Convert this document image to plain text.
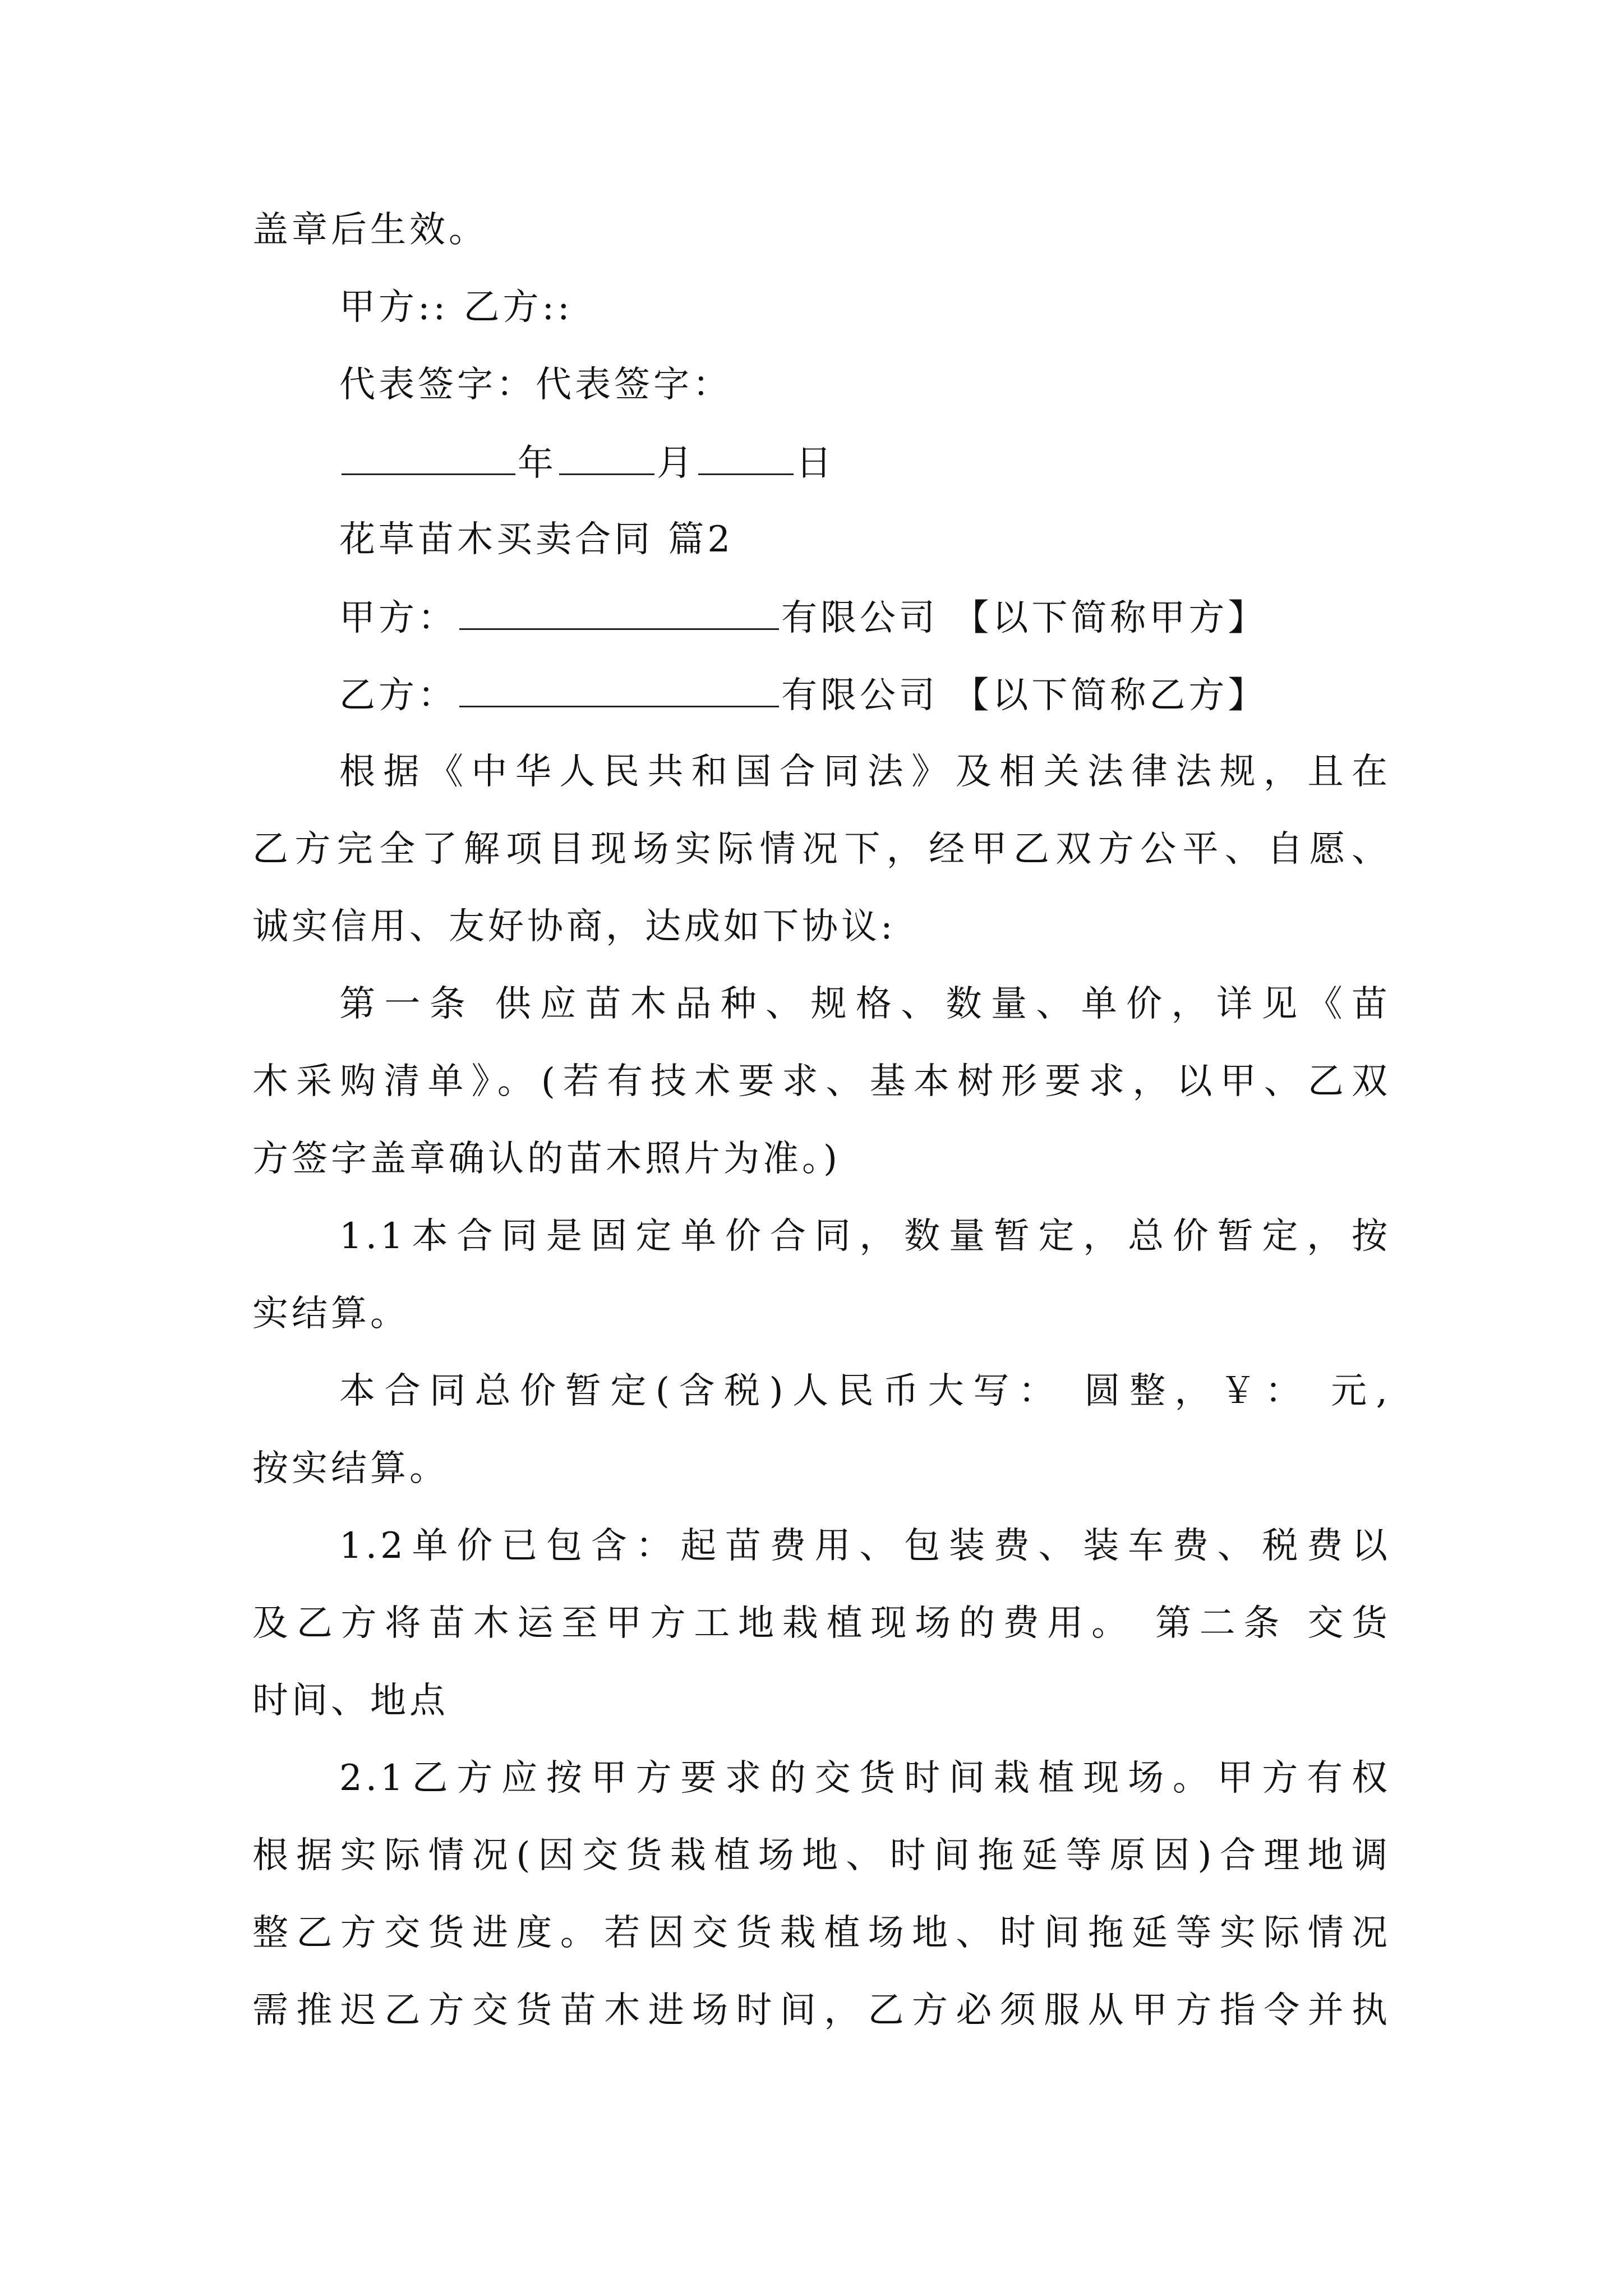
盖章后生效。
甲方:: 乙方::
代表签字：代表签字：
年	月	日
花草苗木买卖合同 篇2
甲方：	有限公司 【以下简称甲方】
乙方：	有限公司 【以下简称乙方】
根据《中华人民共和国合同法》及相关法律法规，且在
乙方完全了解项目现场实际情况下，经甲乙双方公平、自愿、
诚实信用、友好协商，达成如下协议:
第一条 供应苗木品种、规格、数量、单价，详见《苗
木采购清单》。(若有技术要求、基本树形要求，以甲、乙双
方签字盖章确认的苗木照片为准。)
1.1本合同是固定单价合同，数量暂定，总价暂定，按
实结算。
本合同总价暂定(含税)人民币大写： 圆整，￥： 元,
按实结算。
1.2单价已包含：起苗费用、包装费、装车费、税费以
及乙方将苗木运至甲方工地栽植现场的费用。 第二条 交货
时间、地点
2.1乙方应按甲方要求的交货时间栽植现场。甲方有权
根据实际情况(因交货栽植场地、时间拖延等原因)合理地调
整乙方交货进度。若因交货栽植场地、时间拖延等实际情况
需推迟乙方交货苗木进场时间，乙方必须服从甲方指令并执
